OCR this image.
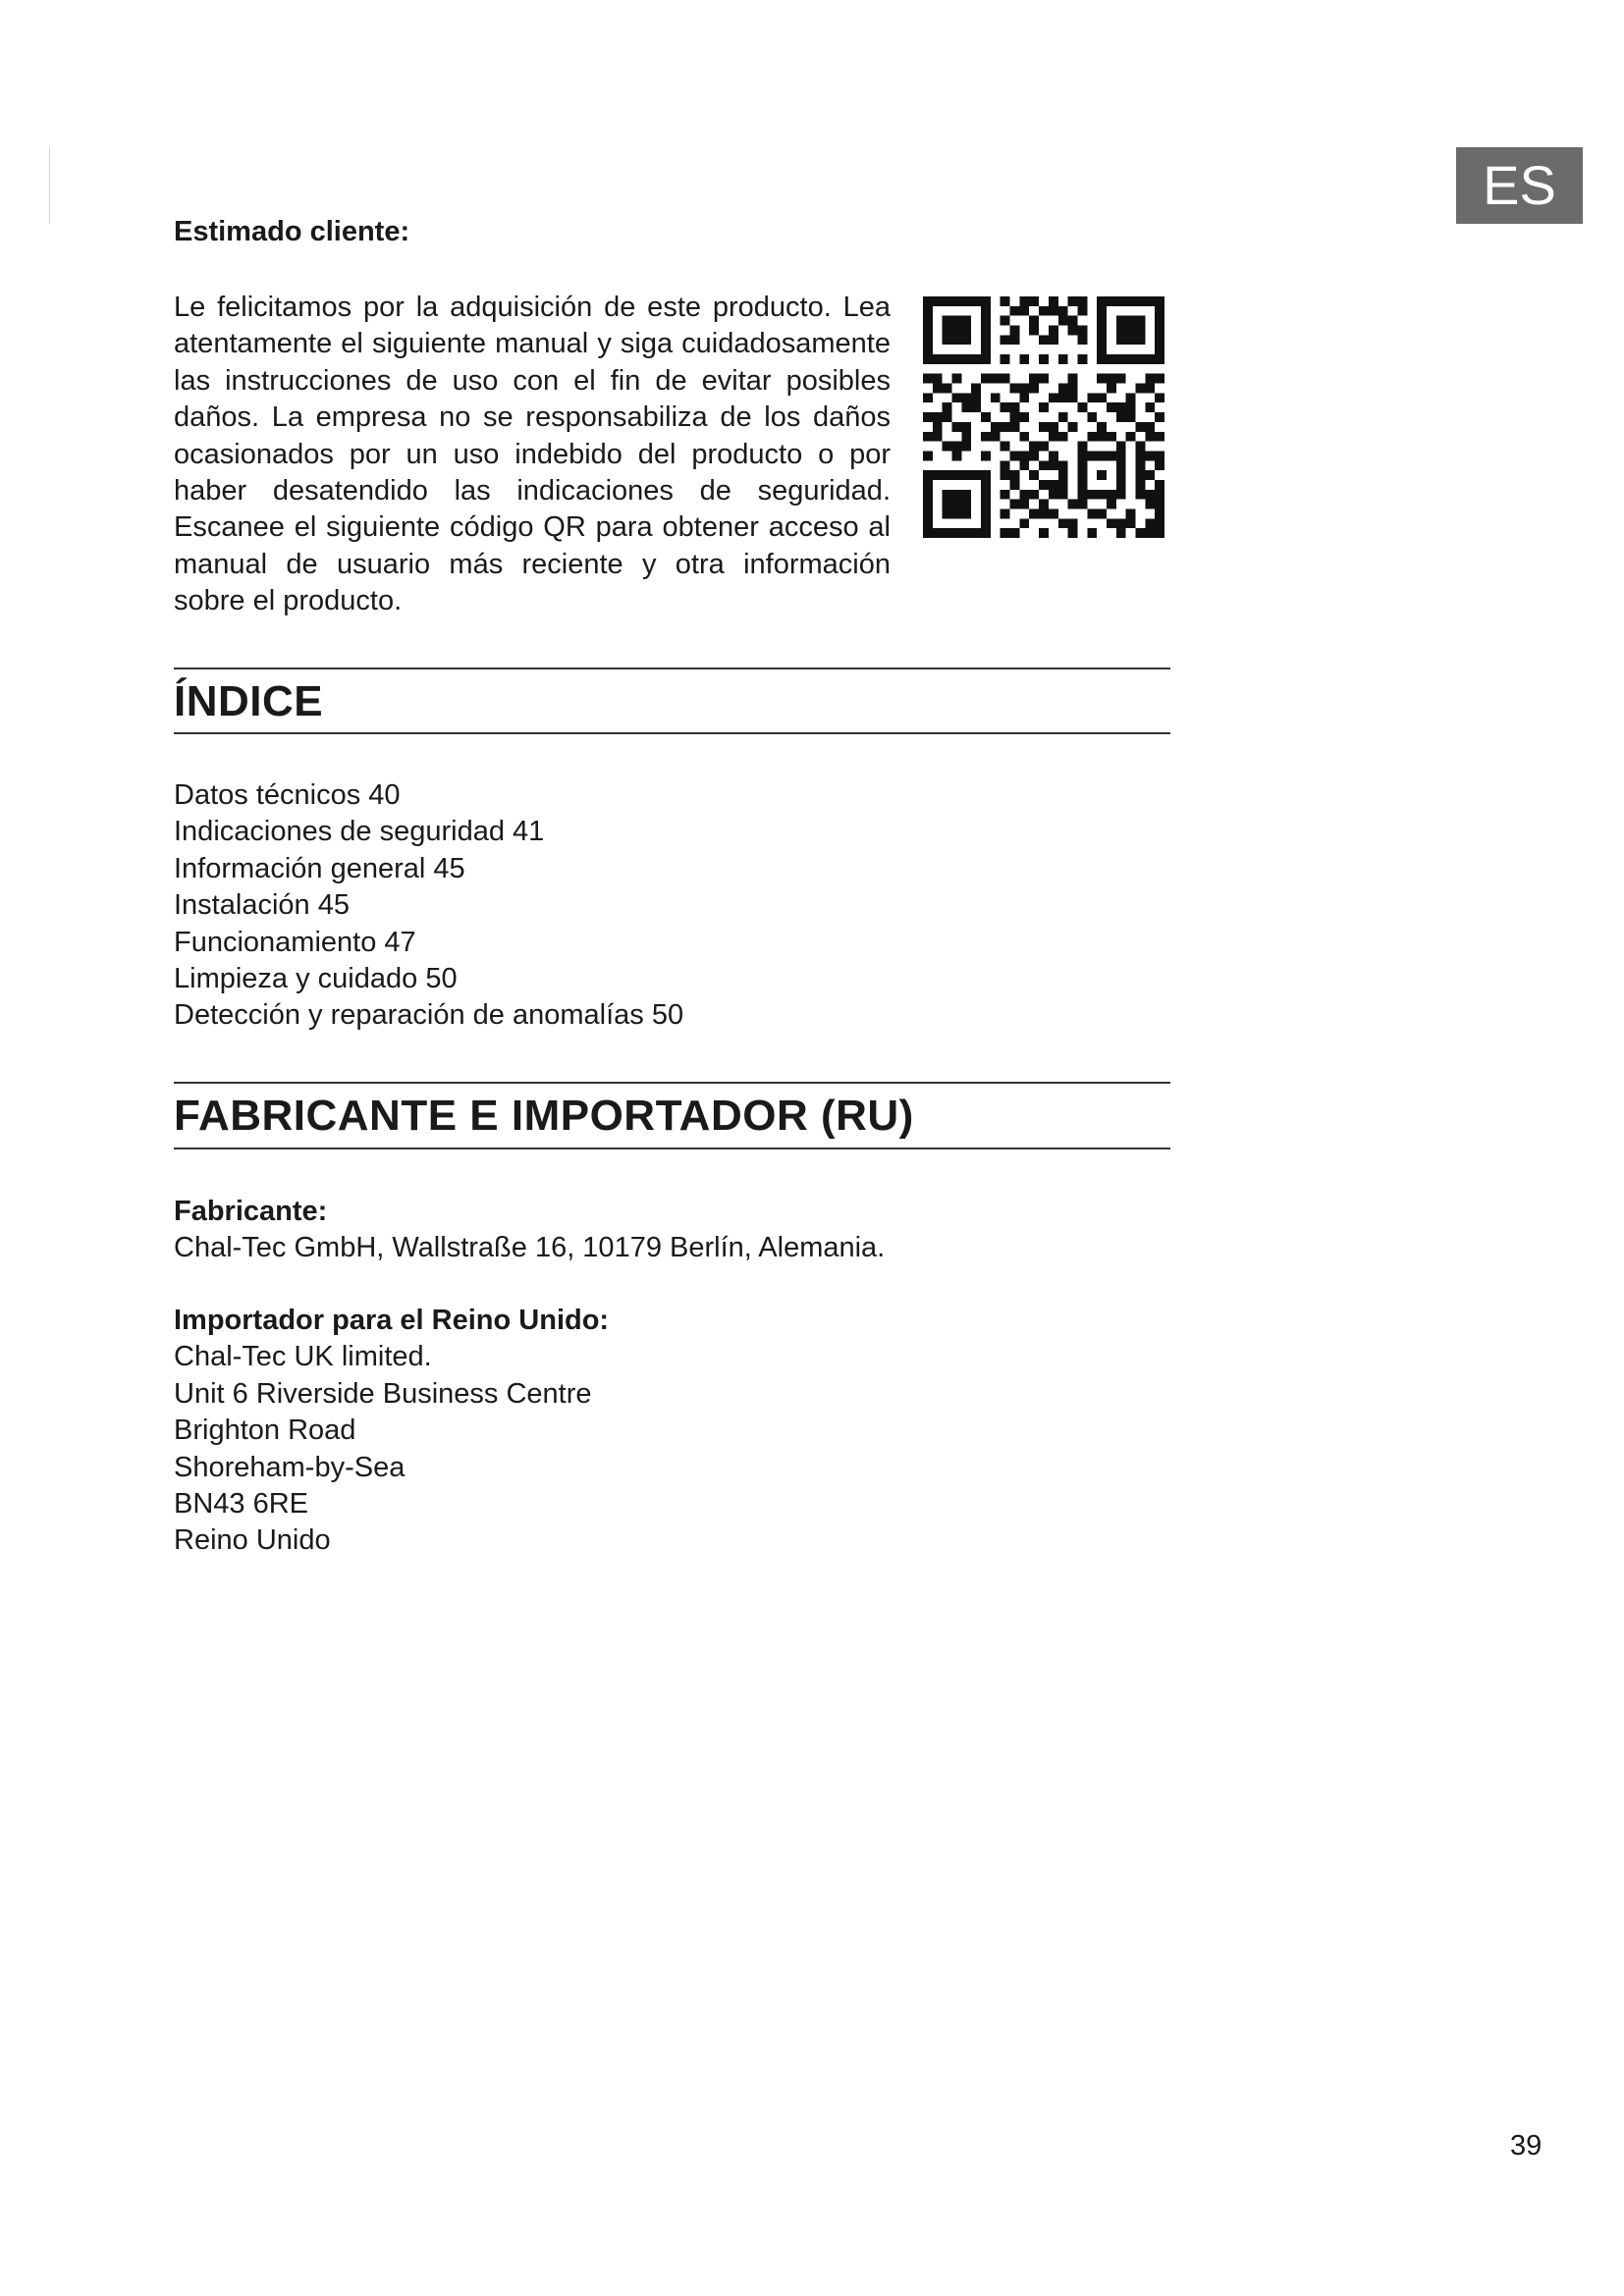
ES

Estimado cliente:

Le felicitamos por la adquisición de este producto. Lea atentamente el siguiente manual y siga cuidadosamente las instrucciones de uso con el fin de evitar posibles daños. La empresa no se responsabiliza de los daños ocasionados por un uso indebido del producto o por haber desatendido las indicaciones de seguridad. Escanee el siguiente código QR para obtener acceso al manual de usuario más reciente y otra información sobre el producto.

ÍNDICE
Datos técnicos 40
Indicaciones de seguridad 41
Información general 45
Instalación 45
Funcionamiento 47
Limpieza y cuidado 50
Detección y reparación de anomalías 50
FABRICANTE E IMPORTADOR (RU)
Fabricante:
Chal-Tec GmbH, Wallstraße 16, 10179 Berlín, Alemania.
Importador para el Reino Unido:
Chal-Tec UK limited.
Unit 6 Riverside Business Centre
Brighton Road
Shoreham-by-Sea
BN43 6RE
Reino Unido
39
